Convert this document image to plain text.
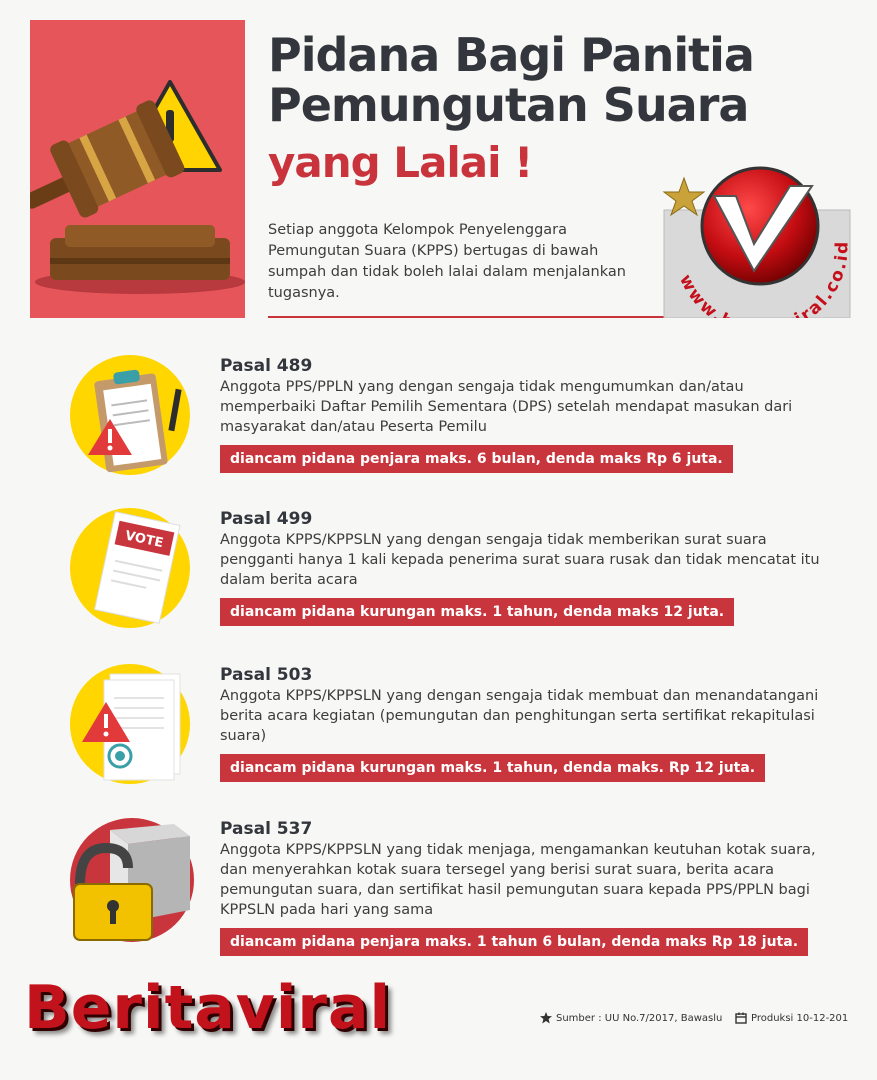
Pidana Bagi Panitia
Pemungutan Suara
yang Lalai !
Setiap anggota Kelompok Penyelenggara Pemungutan Suara (KPPS) bertugas di bawah sumpah dan tidak boleh lalai dalam menjalankan tugasnya.	www. ral.co.id

Pasal 489

Anggota PPS/PPLN yang dengan sengaja tidak mengumumkan dan/atau memperbaiki Daftar Pemilih Sementara (DPS) setelah mendapat masukan dari masyarakat dan/atau Peserta Pemilu

diancam pidana penjara maks. 6 bulan, denda maks Rp 6 juta.
VOTE

Pasal 499

Anggota KPPS/KPPSLN yang dengan sengaja tidak memberikan surat suara pengganti hanya 1 kali kepada penerima surat suara rusak dan tidak mencatat itu dalam berita acara

diancam pidana kurungan maks. 1 tahun, denda maks 12 juta.

Pasal 503

Anggota KPPS/KPPSLN yang dengan sengaja tidak membuat dan menandatangani berita acara kegiatan (pemungutan dan penghitungan serta sertifikat rekapitulasi suara)

diancam pidana kurungan maks. 1 tahun, denda maks. Rp 12 juta.

Pasal 537

Anggota KPPS/KPPSLN yang tidak menjaga, mengamankan keutuhan kotak suara, dan menyerahkan kotak suara tersegel yang berisi surat suara, berita acara pemungutan suara, dan sertifikat hasil pemungutan suara kepada PPS/PPLN bagi KPPSLN pada hari yang sama

diancam pidana penjara maks. 1 tahun 6 bulan, denda maks Rp 18 juta.
Beritaviral	Sumber : UU No.7/2017, Bawaslu	Produksi 10-12-201
